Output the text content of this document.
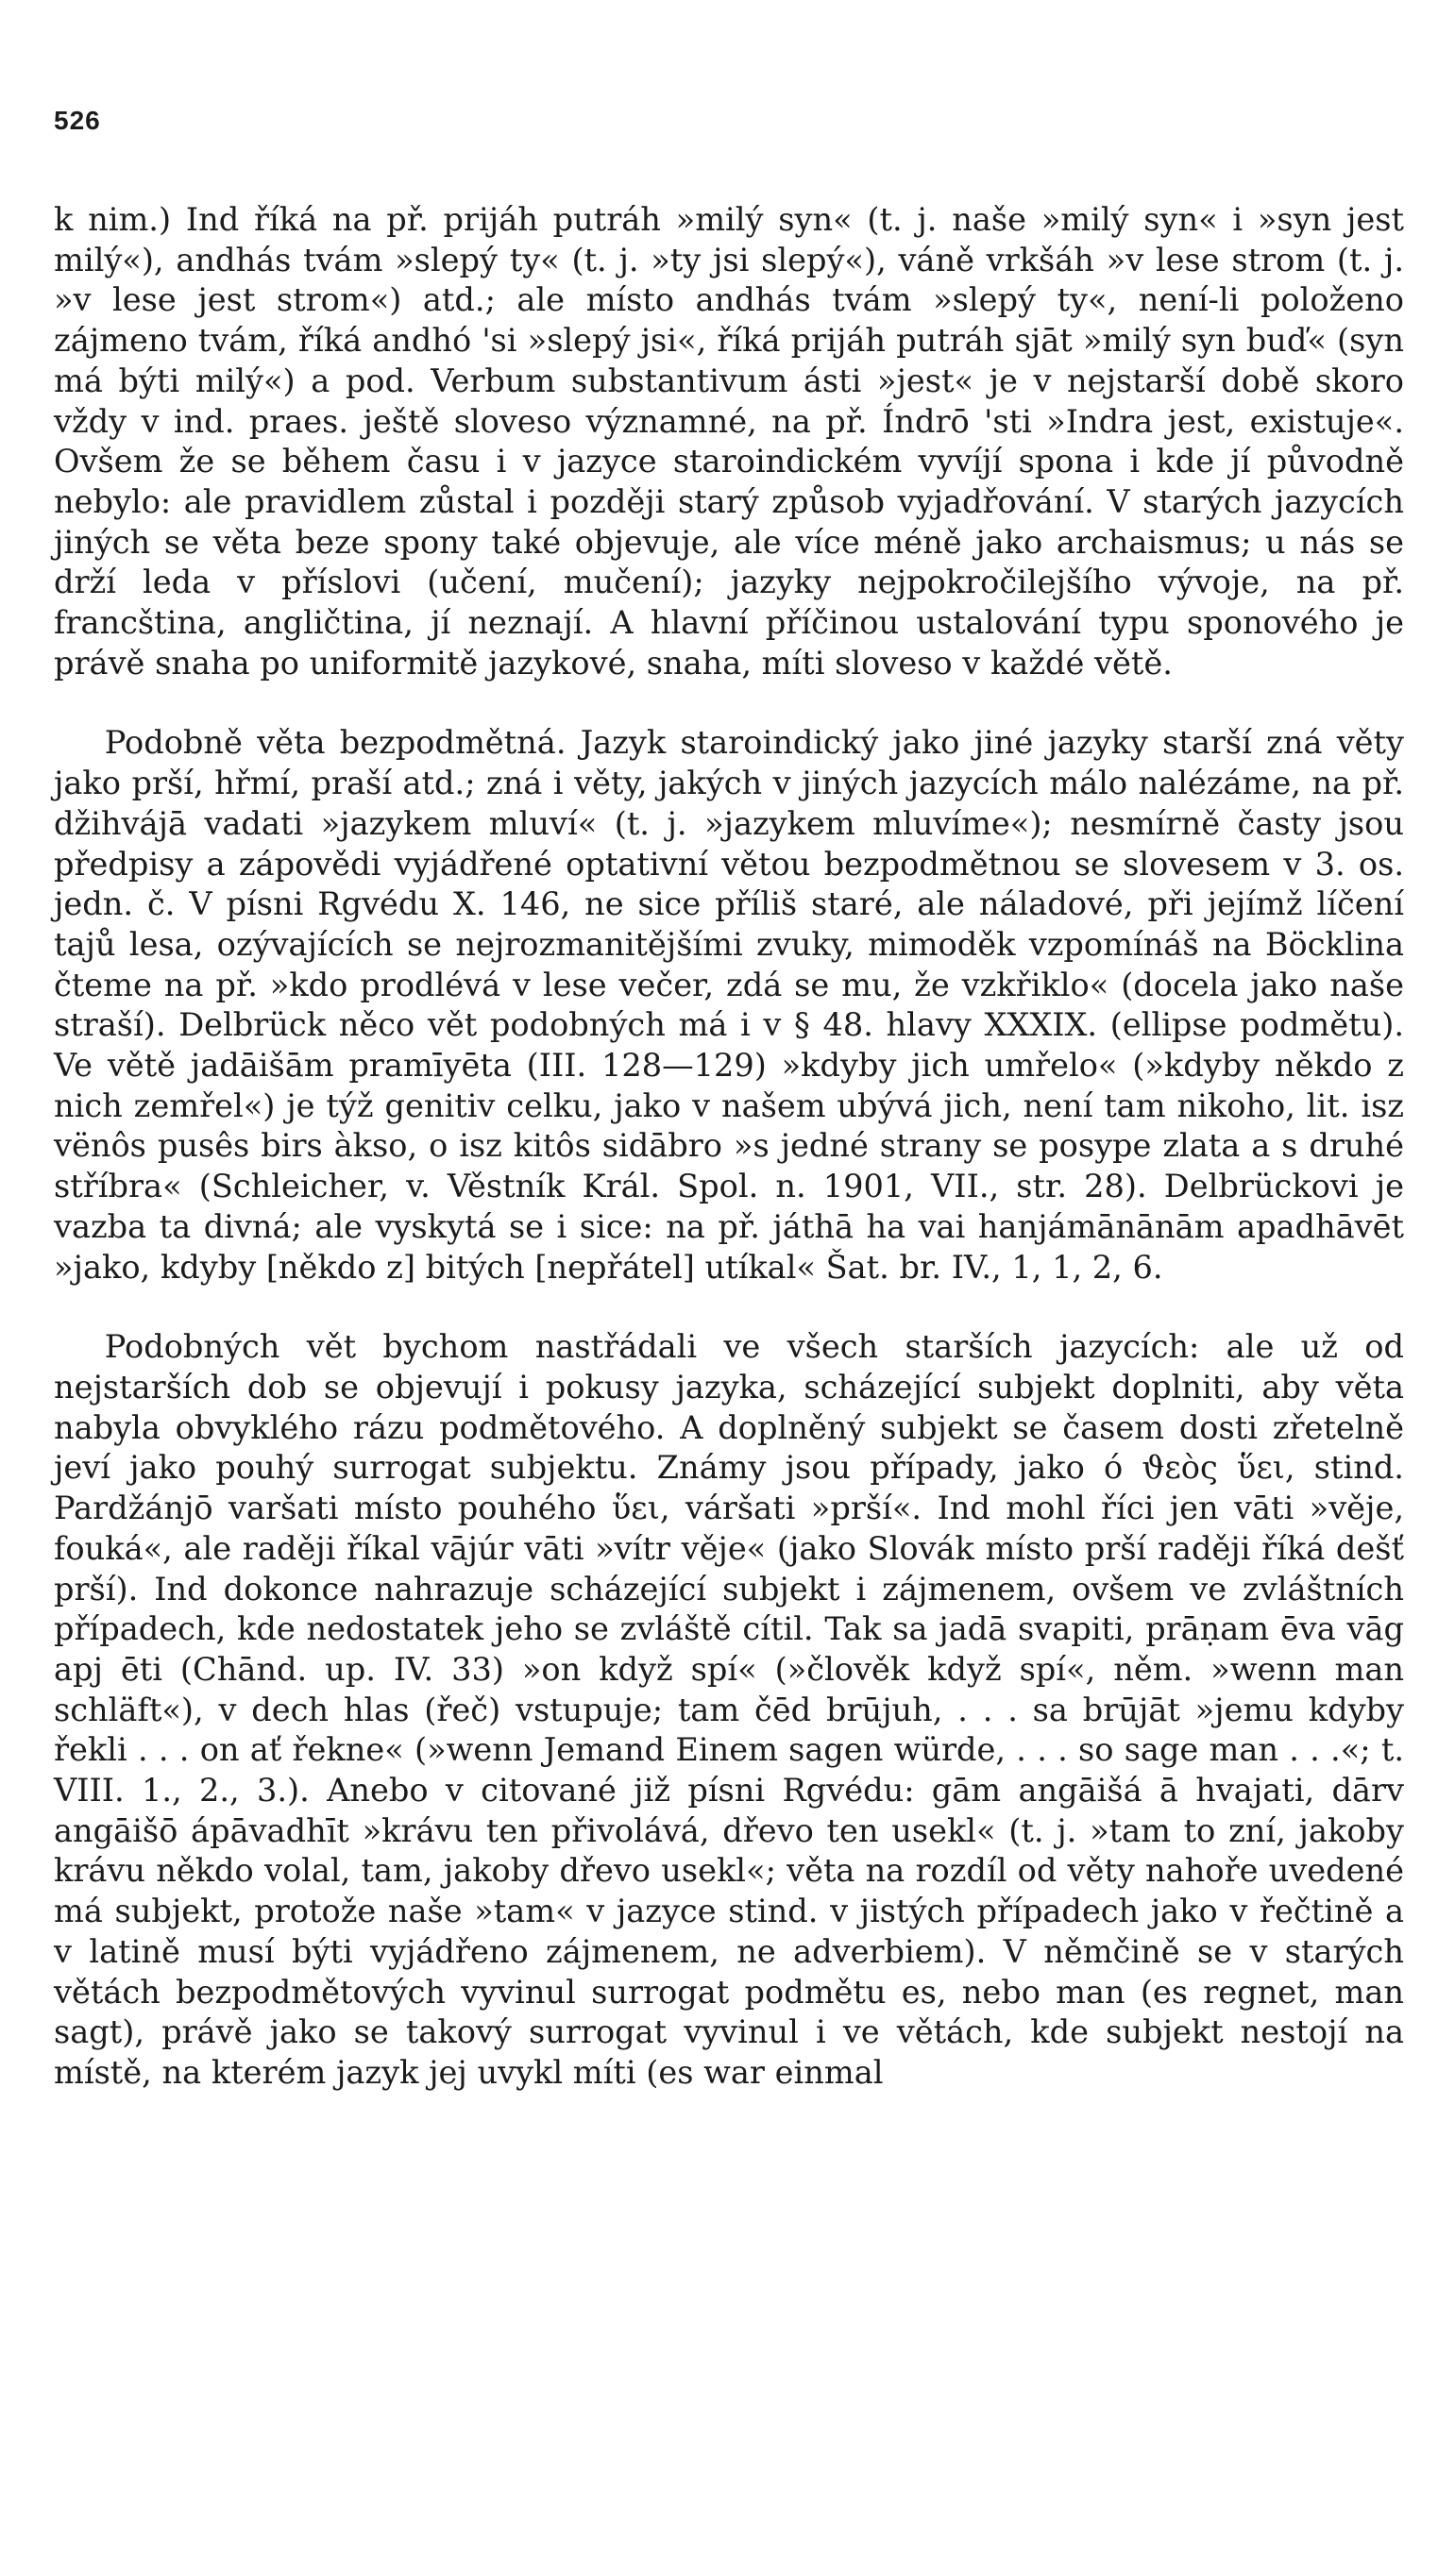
526

k nim.) Ind říká na př. prijáh putráh »milý syn« (t. j. naše »milý syn« i »syn jest milý«), andhás tvám »slepý ty« (t. j. »ty jsi slepý«), váně vrkšáh »v lese strom (t. j. »v lese jest strom«) atd.; ale místo andhás tvám »slepý ty«, není-li položeno zájmeno tvám, říká andhó 'si »slepý jsi«, říká prijáh putráh sjāt »milý syn buď« (syn má býti milý«) a pod. Verbum substantivum ásti »jest« je v nejstarší době skoro vždy v ind. praes. ještě sloveso významné, na př. Índrō 'sti »Indra jest, existuje«. Ovšem že se během času i v jazyce staroindickém vyvíjí spona i kde jí původně nebylo: ale pravidlem zůstal i později starý způsob vyjadřování. V starých jazycích jiných se věta beze spony také objevuje, ale více méně jako archaismus; u nás se drží leda v příslovi (učení, mučení); jazyky nejpokročilejšího vývoje, na př. francština, angličtina, jí neznají. A hlavní příčinou ustalování typu sponového je právě snaha po uniformitě jazykové, snaha, míti sloveso v každé větě.

Podobně věta bezpodmětná. Jazyk staroindický jako jiné jazyky starší zná věty jako prší, hřmí, praší atd.; zná i věty, jakých v jiných jazycích málo nalézáme, na př. džihvájā vadati »jazykem mluví« (t. j. »jazykem mluvíme«); nesmírně časty jsou předpisy a zápovědi vyjádřené optativní větou bezpodmětnou se slovesem v 3. os. jedn. č. V písni Rgvédu X. 146, ne sice příliš staré, ale náladové, při jejímž líčení tajů lesa, ozývajících se nejrozmanitějšími zvuky, mimoděk vzpomínáš na Böcklina čteme na př. »kdo prodlévá v lese večer, zdá se mu, že vzkřiklo« (docela jako naše straší). Delbrück něco vět podobných má i v § 48. hlavy XXXIX. (ellipse podmětu). Ve větě jadāišām pramīyēta (III. 128—129) »kdyby jich umřelo« (»kdyby někdo z nich zemřel«) je týž genitiv celku, jako v našem ubývá jich, není tam nikoho, lit. isz vënôs pusês birs àkso, o isz kitôs sidābro »s jedné strany se posype zlata a s druhé stříbra« (Schleicher, v. Věstník Král. Spol. n. 1901, VII., str. 28). Delbrückovi je vazba ta divná; ale vyskytá se i sice: na př. játhā ha vai hanjámānānām apadhāvēt »jako, kdyby [někdo z] bitých [nepřátel] utíkal« Šat. br. IV., 1, 1, 2, 6.

Podobných vět bychom nastřádali ve všech starších jazycích: ale už od nejstarších dob se objevují i pokusy jazyka, scházející subjekt doplniti, aby věta nabyla obvyklého rázu podmětového. A doplněný subjekt se časem dosti zřetelně jeví jako pouhý surrogat subjektu. Známy jsou případy, jako ó ϑεὸς ὕει, stind. Pardžánjō varšati místo pouhého ὕει, váršati »prší«. Ind mohl říci jen vāti »věje, fouká«, ale raději říkal vājúr vāti »vítr věje« (jako Slovák místo prší raději říká dešť prší). Ind dokonce nahrazuje scházející subjekt i zájmenem, ovšem ve zvláštních případech, kde nedostatek jeho se zvláště cítil. Tak sa jadā svapiti, prāṇam ēva vāg apj ēti (Chānd. up. IV. 33) »on když spí« (»člověk když spí«, něm. »wenn man schläft«), v dech hlas (řeč) vstupuje; tam čēd brūjuh, . . . sa brūjāt »jemu kdyby řekli . . . on ať řekne« (»wenn Jemand Einem sagen würde, . . . so sage man . . .«; t. VIII. 1., 2., 3.). Anebo v citované již písni Rgvédu: gām angāišá ā hvajati, dārv angāišō ápāvadhīt »krávu ten přivolává, dřevo ten usekl« (t. j. »tam to zní, jakoby krávu někdo volal, tam, jakoby dřevo usekl«; věta na rozdíl od věty nahoře uvedené má subjekt, protože naše »tam« v jazyce stind. v jistých případech jako v řečtině a v latině musí býti vyjádřeno zájmenem, ne adverbiem). V němčině se v starých větách bezpodmětových vyvinul surrogat podmětu es, nebo man (es regnet, man sagt), právě jako se takový surrogat vyvinul i ve větách, kde subjekt nestojí na místě, na kterém jazyk jej uvykl míti (es war einmal
